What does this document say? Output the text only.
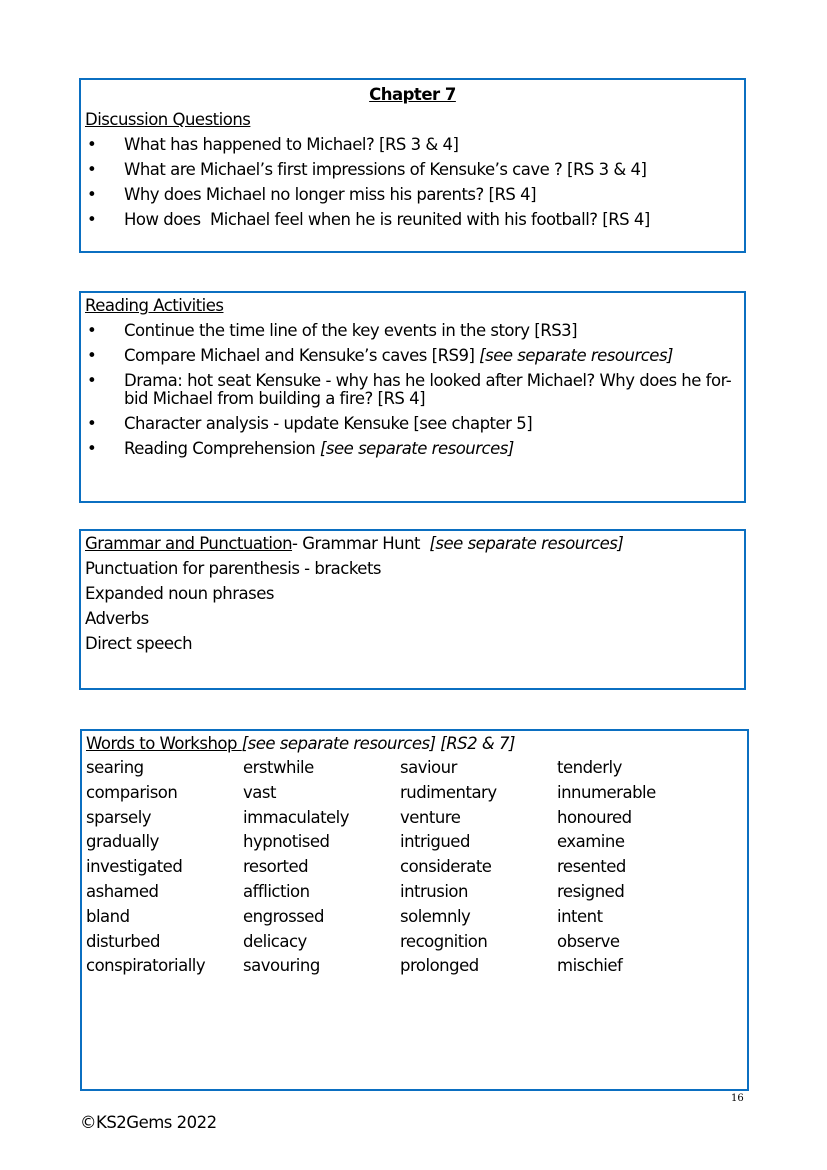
Chapter 7
Discussion Questions
• What has happened to Michael? [RS 3 & 4]
• What are Michael’s first impressions of Kensuke’s cave ? [RS 3 & 4]
• Why does Michael no longer miss his parents? [RS 4]
• How does  Michael feel when he is reunited with his football? [RS 4]
Reading Activities
• Continue the time line of the key events in the story [RS3]
• Compare Michael and Kensuke’s caves [RS9] [see separate resources]
• Drama: hot seat Kensuke - why has he looked after Michael? Why does he for-bid Michael from building a fire? [RS 4]
• Character analysis - update Kensuke [see chapter 5]
• Reading Comprehension [see separate resources]
Grammar and Punctuation- Grammar Hunt  [see separate resources]
Punctuation for parenthesis - brackets
Expanded noun phrases
Adverbs
Direct speech
Words to Workshop [see separate resources] [RS2 & 7]
searing	erstwhile	saviour	tenderly
comparison	vast	rudimentary	innumerable
sparsely	immaculately	venture	honoured
gradually	hypnotised	intrigued	examine
investigated	resorted	considerate	resented
ashamed	affliction	intrusion	resigned
bland	engrossed	solemnly	intent
disturbed	delicacy	recognition	observe
conspiratorially	savouring	prolonged	mischief
16
©KS2Gems 2022
